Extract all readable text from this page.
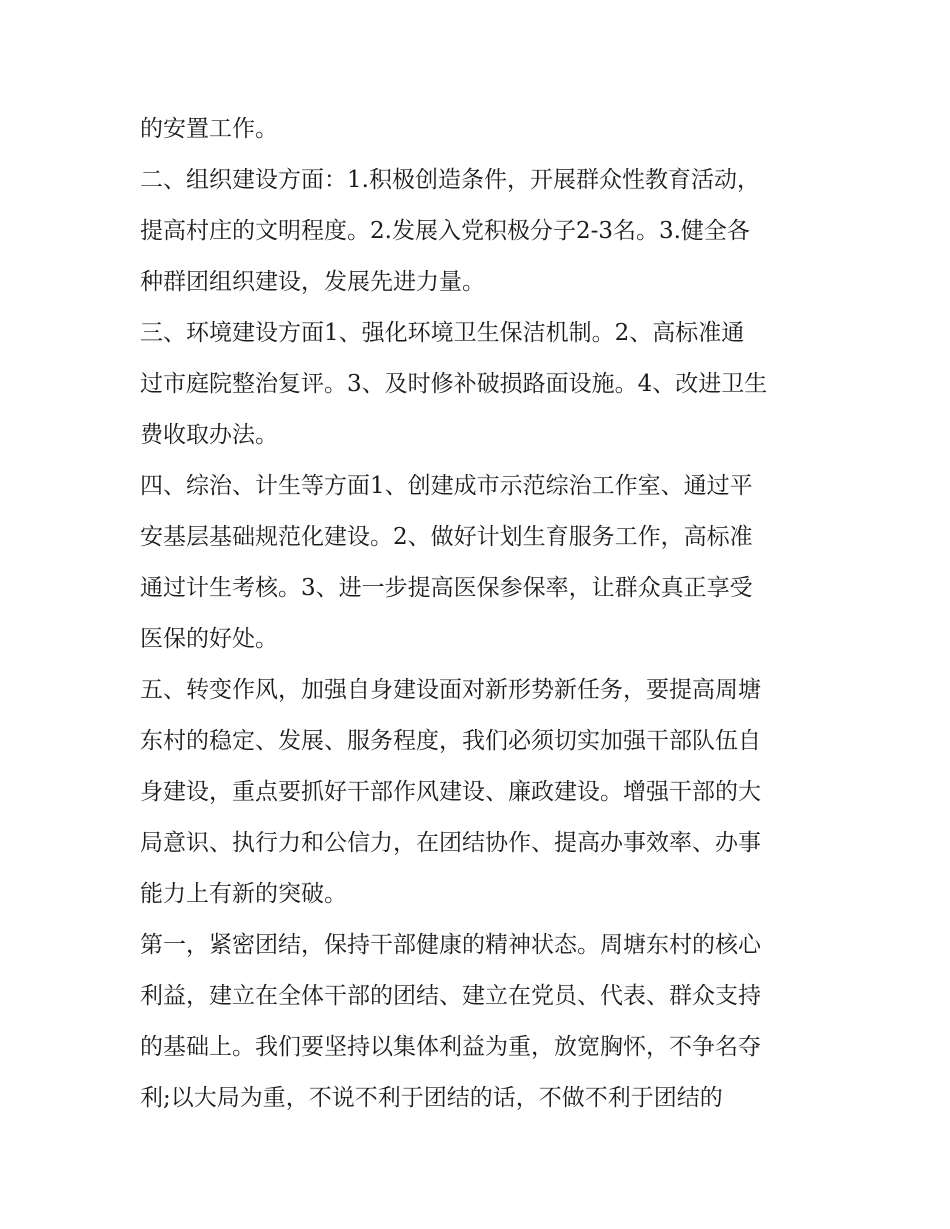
的安置工作。
二、组织建设方面：1.积极创造条件，开展群众性教育活动，
提高村庄的文明程度。2.发展入党积极分子2-3名。3.健全各
种群团组织建设，发展先进力量。
三、环境建设方面1、强化环境卫生保洁机制。2、高标准通
过市庭院整治复评。3、及时修补破损路面设施。4、改进卫生
费收取办法。
四、综治、计生等方面1、创建成市示范综治工作室、通过平
安基层基础规范化建设。2、做好计划生育服务工作，高标准
通过计生考核。3、进一步提高医保参保率，让群众真正享受
医保的好处。
五、转变作风，加强自身建设面对新形势新任务，要提高周塘
东村的稳定、发展、服务程度，我们必须切实加强干部队伍自
身建设，重点要抓好干部作风建设、廉政建设。增强干部的大
局意识、执行力和公信力，在团结协作、提高办事效率、办事
能力上有新的突破。
第一，紧密团结，保持干部健康的精神状态。周塘东村的核心
利益，建立在全体干部的团结、建立在党员、代表、群众支持
的基础上。我们要坚持以集体利益为重，放宽胸怀，不争名夺
利;以大局为重，不说不利于团结的话，不做不利于团结的
